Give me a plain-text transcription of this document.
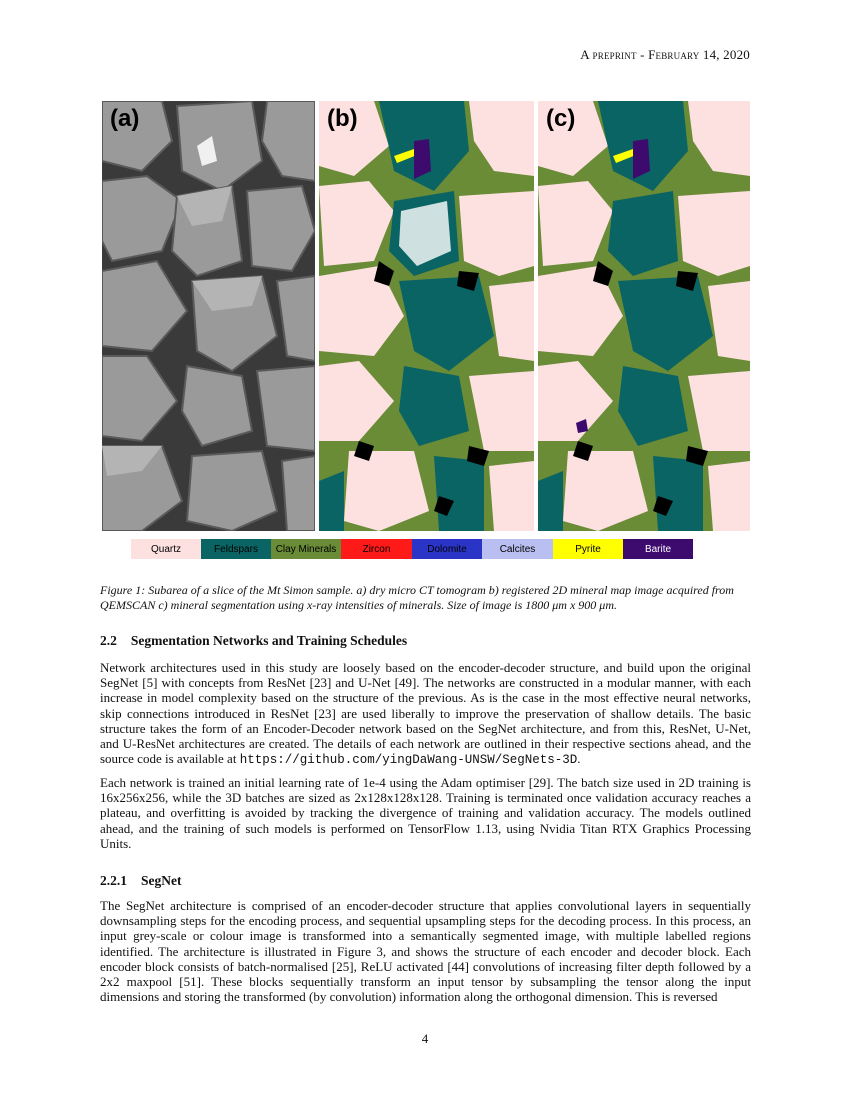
A preprint - February 14, 2020
(a)	(b)	(c)
Quartz	Feldspars Clay Minerals	Zircon	Dolomite	Calcites	Pyrite	Barite

Figure 1: Subarea of a slice of the Mt Simon sample. a) dry micro CT tomogram b) registered 2D mineral map image acquired from QEMSCAN c) mineral segmentation using x-ray intensities of minerals. Size of image is 1800 μm x 900 μm.

2.2 Segmentation Networks and Training Schedules

Network architectures used in this study are loosely based on the encoder-decoder structure, and build upon the original SegNet [5] with concepts from ResNet [23] and U-Net [49]. The networks are constructed in a modular manner, with each increase in model complexity based on the structure of the previous. As is the case in the most effective neural networks, skip connections introduced in ResNet [23] are used liberally to improve the preservation of shallow details. The basic structure takes the form of an Encoder-Decoder network based on the SegNet architecture, and from this, ResNet, U-Net, and U-ResNet architectures are created. The details of each network are outlined in their respective sections ahead, and the source code is available at https://github.com/yingDaWang-UNSW/SegNets-3D.

Each network is trained an initial learning rate of 1e-4 using the Adam optimiser [29]. The batch size used in 2D training is 16x256x256, while the 3D batches are sized as 2x128x128x128. Training is terminated once validation accuracy reaches a plateau, and overfitting is avoided by tracking the divergence of training and validation accuracy. The models outlined ahead, and the training of such models is performed on TensorFlow 1.13, using Nvidia Titan RTX Graphics Processing Units.

2.2.1 SegNet

The SegNet architecture is comprised of an encoder-decoder structure that applies convolutional layers in sequentially downsampling steps for the encoding process, and sequential upsampling steps for the decoding process. In this process, an input grey-scale or colour image is transformed into a semantically segmented image, with multiple labelled regions identified. The architecture is illustrated in Figure 3, and shows the structure of each encoder and decoder block. Each encoder block consists of batch-normalised [25], ReLU activated [44] convolutions of increasing filter depth followed by a 2x2 maxpool [51]. These blocks sequentially transform an input tensor by subsampling the tensor along the input dimensions and storing the transformed (by convolution) information along the orthogonal dimension. This is reversed

4
